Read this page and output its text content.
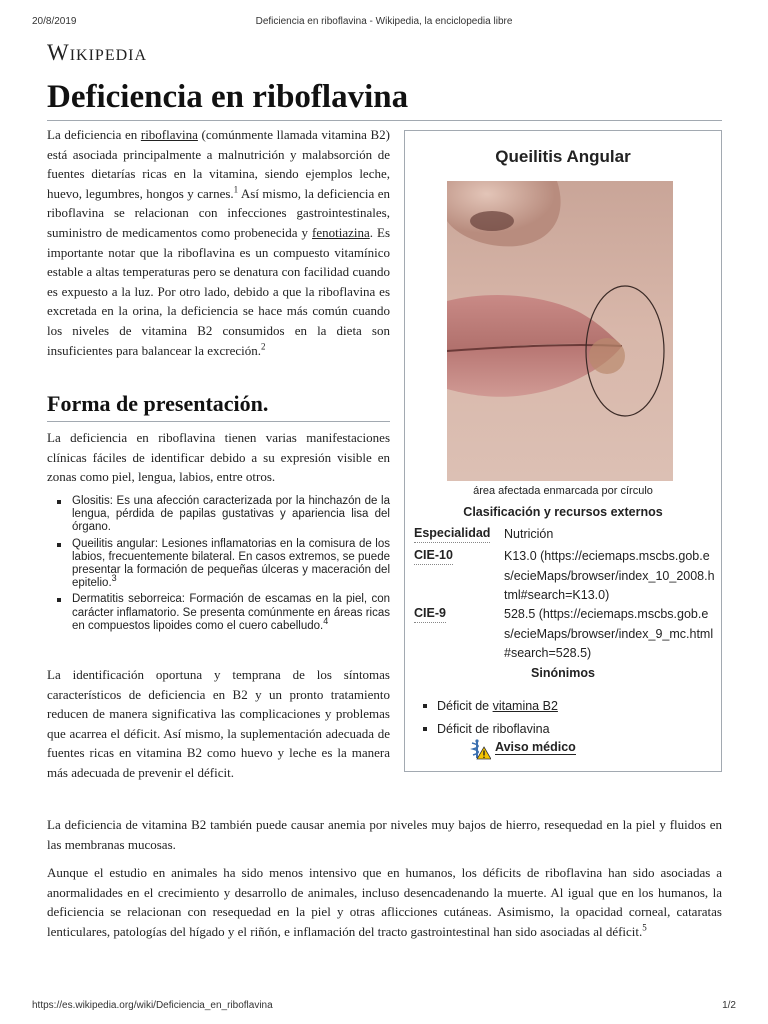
20/8/2019	Deficiencia en riboflavina - Wikipedia, la enciclopedia libre
Wikipedia
Deficiencia en riboflavina

La deficiencia en riboflavina (comúnmente llamada vitamina B2) está asociada principalmente a malnutrición y malabsorción de fuentes dietarías ricas en la vitamina, siendo ejemplos leche, huevo, legumbres, hongos y carnes.$^1$ Así mismo, la deficiencia en riboflavina se relacionan con infecciones gastrointestinales, suministro de medicamentos como probenecida y fenotiazina. Es importante notar que la riboflavina es un compuesto vitamínico estable a altas temperaturas pero se denatura con facilidad cuando es expuesto a la luz. Por otro lado, debido a que la riboflavina es excretada en la orina, la deficiencia se hace más común cuando los niveles de vitamina B2 consumidos en la dieta son insuficientes para balancear la excreción.$^2$

Forma de presentación.

La deficiencia en riboflavina tienen varias manifestaciones clínicas fáciles de identificar debido a su expresión visible en zonas como piel, lengua, labios, entre otros.

Glositis: Es una afección caracterizada por la hinchazón de la lengua, pérdida de papilas gustativas y apariencia lisa del órgano.
Queilitis angular: Lesiones inflamatorias en la comisura de los labios, frecuentemente bilateral. En casos extremos, se puede presentar la formación de pequeñas úlceras y maceración del epitelio.$^3$
Dermatitis seborreica: Formación de escamas en la piel, con carácter inflamatorio. Se presenta comúnmente en áreas ricas en compuestos lipoides como el cuero cabelludo.$^4$

La identificación oportuna y temprana de los síntomas característicos de deficiencia en B2 y un pronto tratamiento reducen de manera significativa las complicaciones y problemas que acarrea el déficit. Así mismo, la suplementación adecuada de fuentes ricas en vitamina B2 como huevo y leche es la manera más adecuada de prevenir el déficit.

Queilitis Angular
área afectada enmarcada por círculo
Clasificación y recursos externos
Especialidad Nutrición
CIE-10	K13.0 (https://eciemaps.mscbs.gob.es/ecieMaps/browser/index_10_2008.html#search=K13.0)
CIE-9	528.5 (https://eciemaps.mscbs.gob.es/ecieMaps/browser/index_9_mc.html#search=528.5)
Sinónimos
Déficit de vitamina B2
Déficit de riboflavina
Aviso médico

La deficiencia de vitamina B2 también puede causar anemia por niveles muy bajos de hierro, resequedad en la piel y fluidos en las membranas mucosas.

Aunque el estudio en animales ha sido menos intensivo que en humanos, los déficits de riboflavina han sido asociadas a anormalidades en el crecimiento y desarrollo de animales, incluso desencadenando la muerte. Al igual que en los humanos, la deficiencia se relacionan con resequedad en la piel y otras aflicciones cutáneas. Asimismo, la opacidad corneal, cataratas lenticulares, patologías del hígado y el riñón, e inflamación del tracto gastrointestinal han sido asociadas al déficit.$^5$

https://es.wikipedia.org/wiki/Deficiencia_en_riboflavina	1/2
